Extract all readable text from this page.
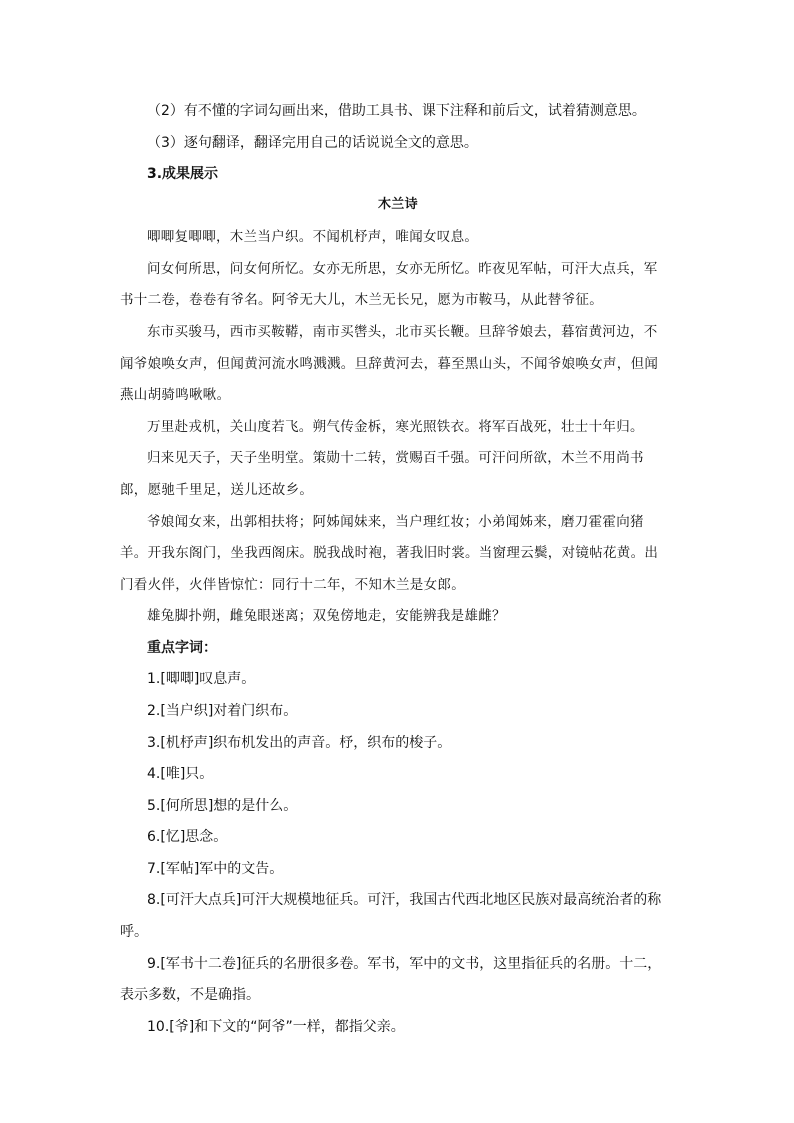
（2）有不懂的字词勾画出来，借助工具书、课下注释和前后文，试着猜测意思。
（3）逐句翻译，翻译完用自己的话说说全文的意思。
3.成果展示
木兰诗
唧唧复唧唧，木兰当户织。不闻机杼声，唯闻女叹息。
问女何所思，问女何所忆。女亦无所思，女亦无所忆。昨夜见军帖，可汗大点兵，军
书十二卷，卷卷有爷名。阿爷无大儿，木兰无长兄，愿为市鞍马，从此替爷征。
东市买骏马，西市买鞍鞯，南市买辔头，北市买长鞭。旦辞爷娘去，暮宿黄河边，不
闻爷娘唤女声，但闻黄河流水鸣溅溅。旦辞黄河去，暮至黑山头，不闻爷娘唤女声，但闻
燕山胡骑鸣啾啾。
万里赴戎机，关山度若飞。朔气传金柝，寒光照铁衣。将军百战死，壮士十年归。
归来见天子，天子坐明堂。策勋十二转，赏赐百千强。可汗问所欲，木兰不用尚书
郎，愿驰千里足，送儿还故乡。
爷娘闻女来，出郭相扶将；阿姊闻妹来，当户理红妆；小弟闻姊来，磨刀霍霍向猪
羊。开我东阁门，坐我西阁床。脱我战时袍，著我旧时裳。当窗理云鬓，对镜帖花黄。出
门看火伴，火伴皆惊忙：同行十二年，不知木兰是女郎。
雄兔脚扑朔，雌兔眼迷离；双兔傍地走，安能辨我是雄雌？
重点字词：
1.[唧唧]叹息声。
2.[当户织]对着门织布。
3.[机杼声]织布机发出的声音。杼，织布的梭子。
4.[唯]只。
5.[何所思]想的是什么。
6.[忆]思念。
7.[军帖]军中的文告。
8.[可汗大点兵]可汗大规模地征兵。可汗，我国古代西北地区民族对最高统治者的称
呼。
9.[军书十二卷]征兵的名册很多卷。军书，军中的文书，这里指征兵的名册。十二，
表示多数，不是确指。
10.[爷]和下文的“阿爷”一样，都指父亲。
